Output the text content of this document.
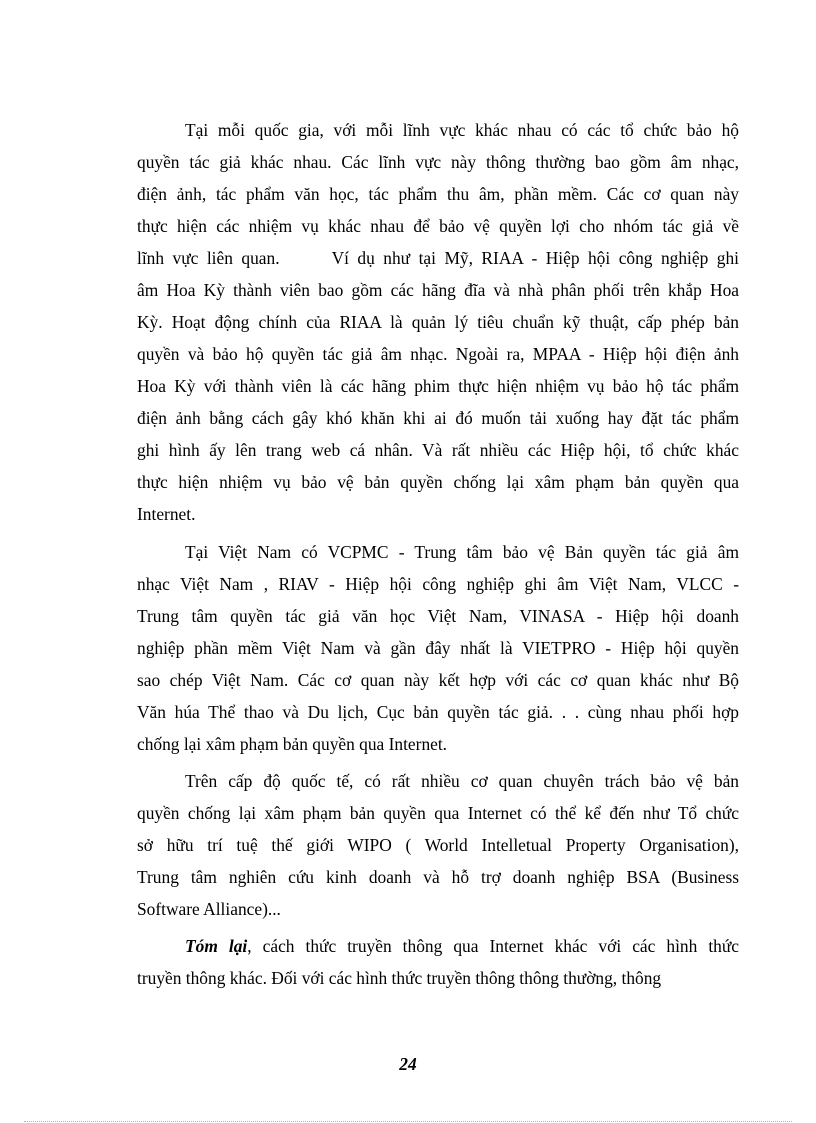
Tại mỗi quốc gia, với mỗi lĩnh vực khác nhau có các tổ chức bảo hộ
quyền tác giả khác nhau. Các lĩnh vực này thông thường bao gồm âm nhạc,
điện ảnh, tác phẩm văn học, tác phẩm thu âm, phần mềm. Các cơ quan này
thực hiện các nhiệm vụ khác nhau để bảo vệ quyền lợi cho nhóm tác giả về
lĩnh vực liên quan.	Ví dụ như tại Mỹ, RIAA - Hiệp hội công nghiệp ghi
âm Hoa Kỳ thành viên bao gồm các hãng đĩa và nhà phân phối trên khắp Hoa
Kỳ. Hoạt động chính của RIAA là quản lý tiêu chuẩn kỹ thuật, cấp phép bản
quyền và bảo hộ quyền tác giả âm nhạc. Ngoài ra, MPAA - Hiệp hội điện ảnh
Hoa Kỳ với thành viên là các hãng phim thực hiện nhiệm vụ bảo hộ tác phẩm
điện ảnh bằng cách gây khó khăn khi ai đó muốn tải xuống hay đặt tác phẩm
ghi hình ấy lên trang web cá nhân. Và rất nhiều các Hiệp hội, tổ chức khác
thực hiện nhiệm vụ bảo vệ bản quyền chống lại xâm phạm bản quyền qua
Internet.
Tại Việt Nam có VCPMC - Trung tâm bảo vệ Bản quyền tác giả âm
nhạc Việt Nam , RIAV - Hiệp hội công nghiệp ghi âm Việt Nam, VLCC -
Trung tâm quyền tác giả văn học Việt Nam, VINASA - Hiệp hội doanh
nghiệp phần mềm Việt Nam và gần đây nhất là VIETPRO - Hiệp hội quyền
sao chép Việt Nam. Các cơ quan này kết hợp với các cơ quan khác như Bộ
Văn húa Thể thao và Du lịch, Cục bản quyền tác giả. . . cùng nhau phối hợp
chống lại xâm phạm bản quyền qua Internet.
Trên cấp độ quốc tế, có rất nhiều cơ quan chuyên trách bảo vệ bản
quyền chống lại xâm phạm bản quyền qua Internet có thể kể đến như Tổ chức
sở hữu trí tuệ thế giới WIPO ( World Intelletual Property Organisation),
Trung tâm nghiên cứu kinh doanh và hỗ trợ doanh nghiệp BSA (Business
Software Alliance)...
Tóm lại, cách thức truyền thông qua Internet khác với các hình thức
truyền thông khác. Đối với các hình thức truyền thông thông thường, thông
24
